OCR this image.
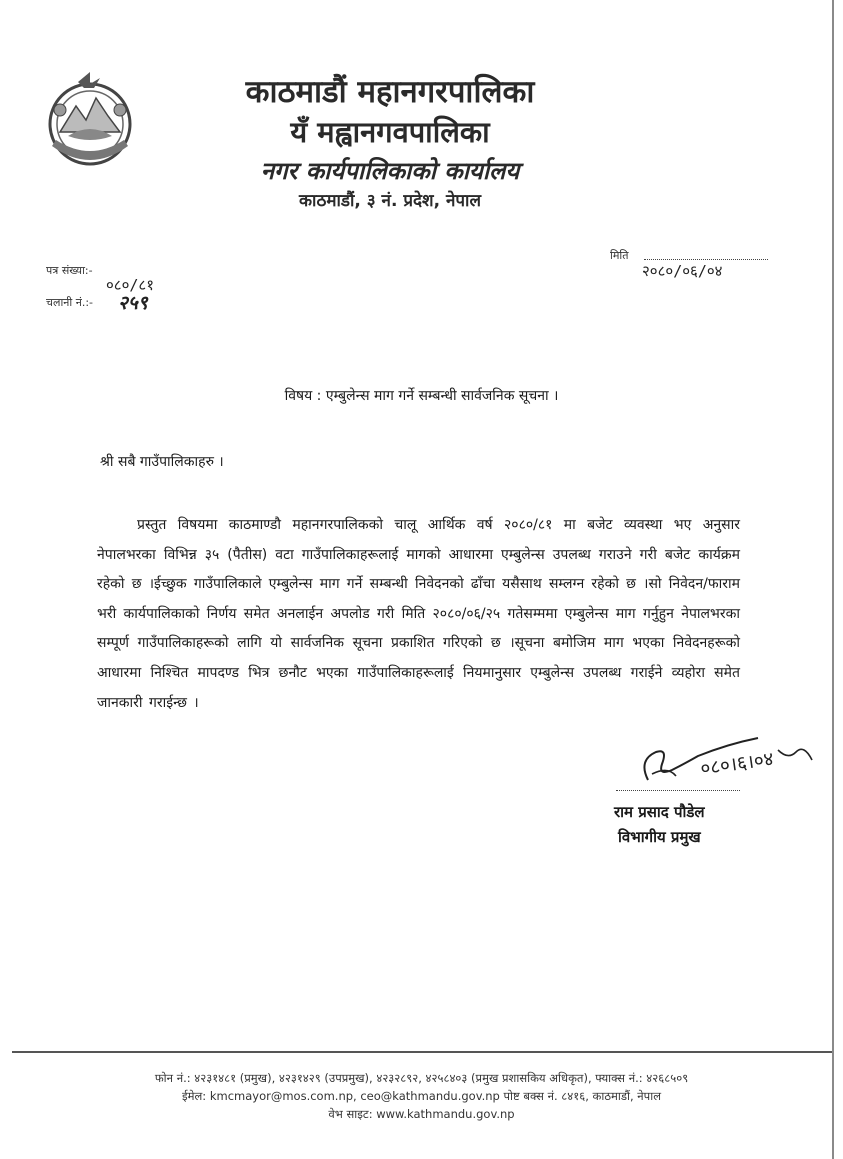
काठमाडौं महानगरपालिका
यँ मह्वानगवपालिका
नगर कार्यपालिकाको कार्यालय
काठमाडौं, ३ नं. प्रदेश, नेपाल
मिति
२०८०/०६/०४
पत्र संख्या:-
०८०/८१
चलानी नं.:- २५९
विषय : एम्बुलेन्स माग गर्ने सम्बन्धी सार्वजनिक सूचना ।
श्री सबै गाउँपालिकाहरु ।
प्रस्तुत विषयमा काठमाण्डौ महानगरपालिकको चालू आर्थिक वर्ष २०८०/८१ मा बजेट व्यवस्था भए अनुसार नेपालभरका विभिन्न ३५ (पैतीस) वटा गाउँपालिकाहरूलाई मागको आधारमा एम्बुलेन्स उपलब्ध गराउने गरी बजेट कार्यक्रम रहेको छ ।ईच्छुक गाउँपालिकाले एम्बुलेन्स माग गर्ने सम्बन्धी निवेदनको ढाँचा यसैसाथ सम्लग्न रहेको छ ।सो निवेदन/फाराम भरी कार्यपालिकाको निर्णय समेत अनलाईन अपलोड गरी मिति २०८०/०६/२५ गतेसम्ममा एम्बुलेन्स माग गर्नुहुन नेपालभरका सम्पूर्ण गाउँपालिकाहरूको लागि यो सार्वजनिक सूचना प्रकाशित गरिएको छ ।सूचना बमोजिम माग भएका निवेदनहरूको आधारमा निश्चित मापदण्ड भित्र छनौट भएका गाउँपालिकाहरूलाई नियमानुसार एम्बुलेन्स उपलब्ध गराईने व्यहोरा समेत जानकारी गराईन्छ ।
०८०।६।०४
राम प्रसाद पौडेल
विभागीय प्रमुख
फोन नं.: ४२३१४८१ (प्रमुख), ४२३१४२९ (उपप्रमुख), ४२३२८९२, ४२५८४०३ (प्रमुख प्रशासकिय अधिकृत), फ्याक्स नं.: ४२६८५०९
ईमेल: kmcmayor@mos.com.np, ceo@kathmandu.gov.np पोष्ट बक्स नं. ८४१६, काठमाडौं, नेपाल
वेभ साइट: www.kathmandu.gov.np
